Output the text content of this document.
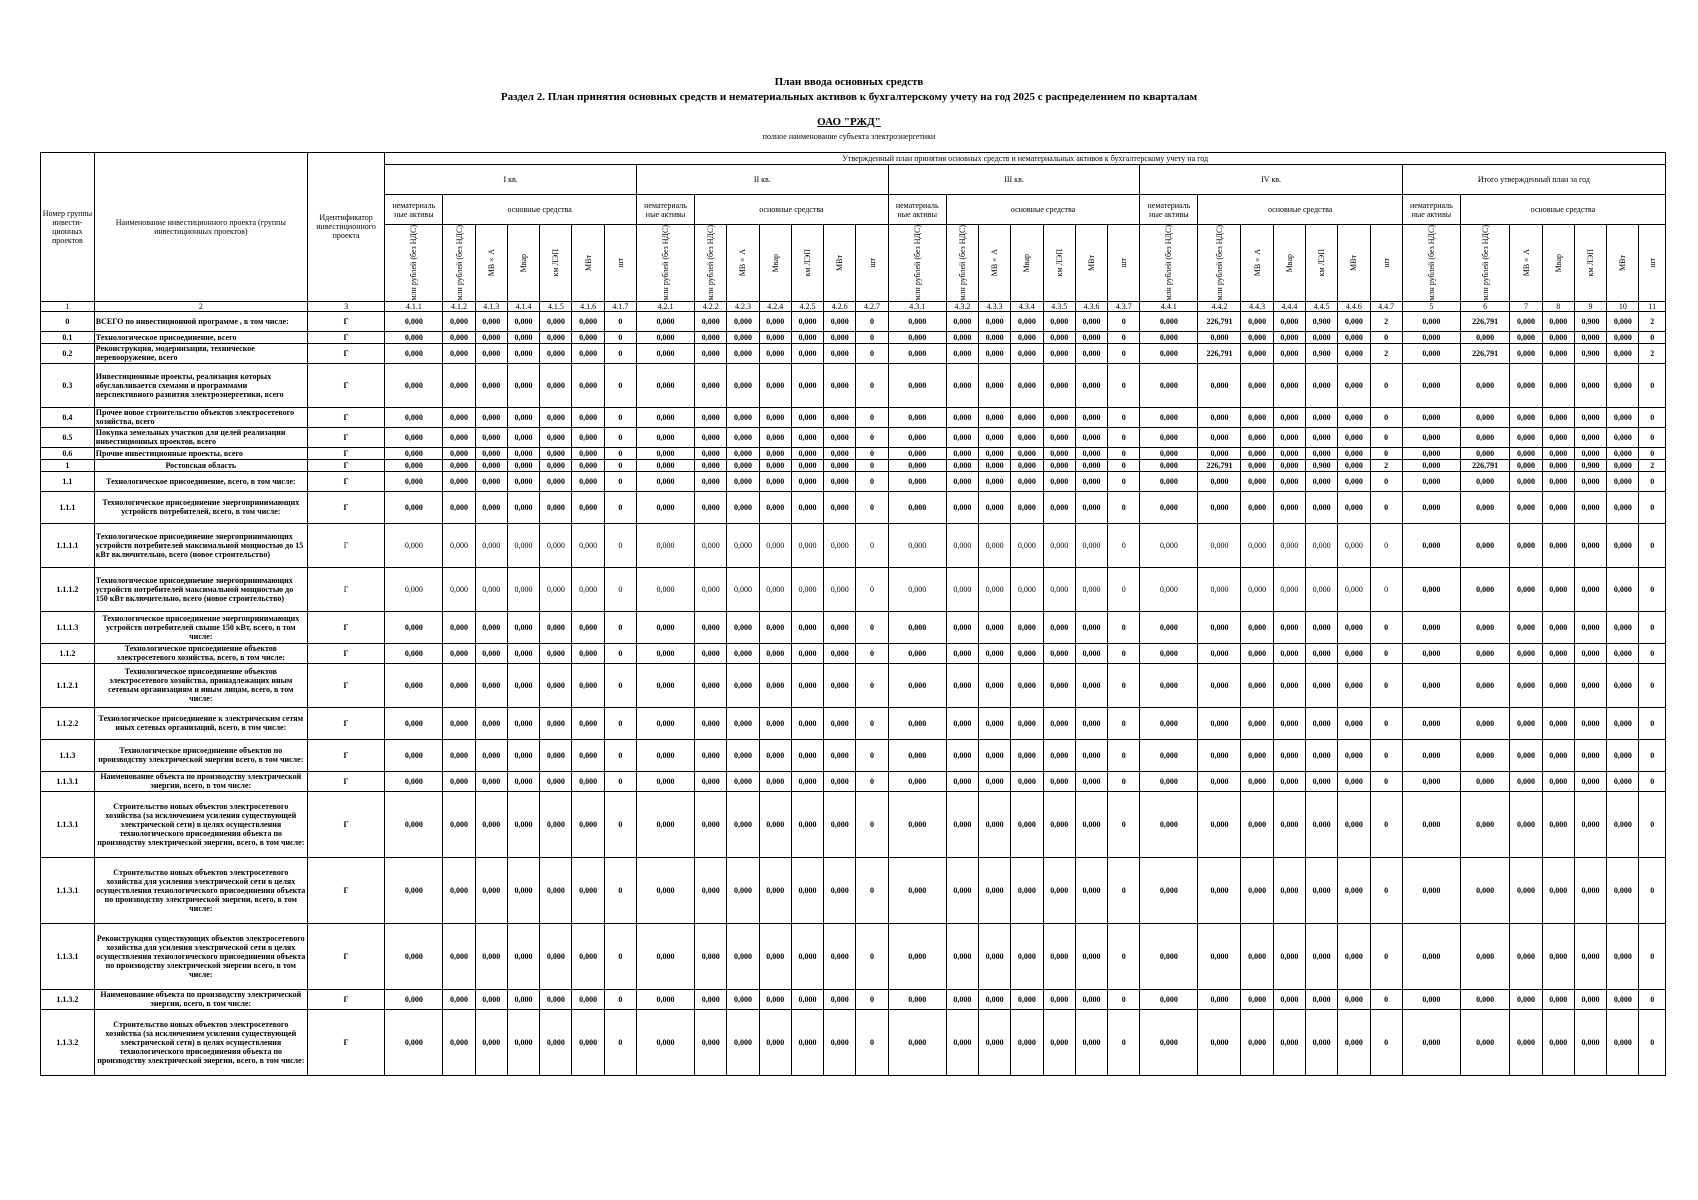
План ввода основных средств
Раздел 2. План принятия основных средств и нематериальных активов к бухгалтерскому учету на год 2025 с распределением по кварталам
ОАО "РЖД"
полное наименование субъекта электроэнергетики
Номер группы инвести-ционных проектов	Наименование инвестиционного проекта (группы инвестиционных проектов)	Идентификатор инвестиционного проекта	Утвержденный план принятия основных средств и нематериальных активов к бухгалтерскому учету на год																																		
			I кв.							II кв.							III кв.							IV кв.							Итого утвержденный план за год						
			нематериаль ные активы	основные средства						нематериаль ные активы	основные средства						нематериаль ные активы	основные средства						нематериаль ные активы	основные средства						нематериаль ные активы	основные средства					

			млн рублей (без НДС)	млн рублей (без НДС)	МВ×А	Мвар	км ЛЭП	МВт	шт	млн рублей (без НДС)	млн рублей (без НДС)	МВ×А	Мвар	км ЛЭП	МВт	шт	млн рублей (без НДС)	млн рублей (без НДС)	МВ×А	Мвар	км ЛЭП	МВт	шт	млн рублей (без НДС)	млн рублей (без НДС)	МВ×А	Мвар	км ЛЭП	МВт	шт	млн рублей (без НДС)	млн рублей (без НДС)	МВ×А	Мвар	км ЛЭП	МВт	шт

1	2	3	4.1.1	4.1.2	4.1.3	4.1.4	4.1.5	4.1.6	4.1.7	4.2.1	4.2.2	4.2.3	4.2.4	4.2.5	4.2.6	4.2.7	4.3.1	4.3.2	4.3.3	4.3.4	4.3.5	4.3.6	4.3.7	4.4.1	4.4.2	4.4.3	4.4.4	4.4.5	4.4.6	4.4.7	5	6	7	8	9	10	11
0	ВСЕГО по инвестиционной программе , в том числе:	Г	0,000	0,000	0,000	0,000	0,000	0,000	0	0,000	0,000	0,000	0,000	0,000	0,000	0	0,000	0,000	0,000	0,000	0,000	0,000	0	0,000	226,791	0,000	0,000	0,900	0,000	2	0,000	226,791	0,000	0,000	0,900	0,000	2
0.1	Технологическое присоединение, всего	Г	0,000	0,000	0,000	0,000	0,000	0,000	0	0,000	0,000	0,000	0,000	0,000	0,000	0	0,000	0,000	0,000	0,000	0,000	0,000	0	0,000	0,000	0,000	0,000	0,000	0,000	0	0,000	0,000	0,000	0,000	0,000	0,000	0
0.2	Реконструкция, модернизация, техническое перевооружение, всего	Г	0,000	0,000	0,000	0,000	0,000	0,000	0	0,000	0,000	0,000	0,000	0,000	0,000	0	0,000	0,000	0,000	0,000	0,000	0,000	0	0,000	226,791	0,000	0,000	0,900	0,000	2	0,000	226,791	0,000	0,000	0,900	0,000	2
0.3	Инвестиционные проекты, реализация которых обуславливается схемами и программами перспективного развития электроэнергетики, всего	Г	0,000	0,000	0,000	0,000	0,000	0,000	0	0,000	0,000	0,000	0,000	0,000	0,000	0	0,000	0,000	0,000	0,000	0,000	0,000	0	0,000	0,000	0,000	0,000	0,000	0,000	0	0,000	0,000	0,000	0,000	0,000	0,000	0
0.4	Прочее новое строительство объектов электросетевого хозяйства, всего	Г	0,000	0,000	0,000	0,000	0,000	0,000	0	0,000	0,000	0,000	0,000	0,000	0,000	0	0,000	0,000	0,000	0,000	0,000	0,000	0	0,000	0,000	0,000	0,000	0,000	0,000	0	0,000	0,000	0,000	0,000	0,000	0,000	0
0.5	Покупка земельных участков для целей реализации инвестиционных проектов, всего	Г	0,000	0,000	0,000	0,000	0,000	0,000	0	0,000	0,000	0,000	0,000	0,000	0,000	0	0,000	0,000	0,000	0,000	0,000	0,000	0	0,000	0,000	0,000	0,000	0,000	0,000	0	0,000	0,000	0,000	0,000	0,000	0,000	0
0.6	Прочие инвестиционные проекты, всего	Г	0,000	0,000	0,000	0,000	0,000	0,000	0	0,000	0,000	0,000	0,000	0,000	0,000	0	0,000	0,000	0,000	0,000	0,000	0,000	0	0,000	0,000	0,000	0,000	0,000	0,000	0	0,000	0,000	0,000	0,000	0,000	0,000	0
1	Ростовская область	Г	0,000	0,000	0,000	0,000	0,000	0,000	0	0,000	0,000	0,000	0,000	0,000	0,000	0	0,000	0,000	0,000	0,000	0,000	0,000	0	0,000	226,791	0,000	0,000	0,900	0,000	2	0,000	226,791	0,000	0,000	0,900	0,000	2
1.1	Технологическое присоединение, всего, в том числе:	Г	0,000	0,000	0,000	0,000	0,000	0,000	0	0,000	0,000	0,000	0,000	0,000	0,000	0	0,000	0,000	0,000	0,000	0,000	0,000	0	0,000	0,000	0,000	0,000	0,000	0,000	0	0,000	0,000	0,000	0,000	0,000	0,000	0
1.1.1	Технологическое присоединение энергопринимающих устройств потребителей, всего, в том числе:	Г	0,000	0,000	0,000	0,000	0,000	0,000	0	0,000	0,000	0,000	0,000	0,000	0,000	0	0,000	0,000	0,000	0,000	0,000	0,000	0	0,000	0,000	0,000	0,000	0,000	0,000	0	0,000	0,000	0,000	0,000	0,000	0,000	0
1.1.1.1	Технологическое присоединение энергопринимающих устройств потребителей максимальной мощностью до 15 кВт включительно, всего (новое строительство)	Г	0,000	0,000	0,000	0,000	0,000	0,000	0	0,000	0,000	0,000	0,000	0,000	0,000	0	0,000	0,000	0,000	0,000	0,000	0,000	0	0,000	0,000	0,000	0,000	0,000	0,000	0	0,000	0,000	0,000	0,000	0,000	0,000	0
1.1.1.2	Технологическое присоединение энергопринимающих устройств потребителей максимальной мощностью до 150 кВт включительно, всего (новое строительство)	Г	0,000	0,000	0,000	0,000	0,000	0,000	0	0,000	0,000	0,000	0,000	0,000	0,000	0	0,000	0,000	0,000	0,000	0,000	0,000	0	0,000	0,000	0,000	0,000	0,000	0,000	0	0,000	0,000	0,000	0,000	0,000	0,000	0
1.1.1.3	Технологическое присоединение энергопринимающих устройств потребителей свыше 150 кВт, всего, в том числе:	Г	0,000	0,000	0,000	0,000	0,000	0,000	0	0,000	0,000	0,000	0,000	0,000	0,000	0	0,000	0,000	0,000	0,000	0,000	0,000	0	0,000	0,000	0,000	0,000	0,000	0,000	0	0,000	0,000	0,000	0,000	0,000	0,000	0
1.1.2	Технологическое присоединение объектов электросетевого хозяйства, всего, в том числе:	Г	0,000	0,000	0,000	0,000	0,000	0,000	0	0,000	0,000	0,000	0,000	0,000	0,000	0	0,000	0,000	0,000	0,000	0,000	0,000	0	0,000	0,000	0,000	0,000	0,000	0,000	0	0,000	0,000	0,000	0,000	0,000	0,000	0
1.1.2.1	Технологическое присоединение объектов электросетевого хозяйства, принадлежащих иным сетевым организациям и иным лицам, всего, в том числе:	Г	0,000	0,000	0,000	0,000	0,000	0,000	0	0,000	0,000	0,000	0,000	0,000	0,000	0	0,000	0,000	0,000	0,000	0,000	0,000	0	0,000	0,000	0,000	0,000	0,000	0,000	0	0,000	0,000	0,000	0,000	0,000	0,000	0
1.1.2.2	Технологическое присоединение к электрическим сетям иных сетевых организаций, всего, в том числе:	Г	0,000	0,000	0,000	0,000	0,000	0,000	0	0,000	0,000	0,000	0,000	0,000	0,000	0	0,000	0,000	0,000	0,000	0,000	0,000	0	0,000	0,000	0,000	0,000	0,000	0,000	0	0,000	0,000	0,000	0,000	0,000	0,000	0
1.1.3	Технологическое присоединение объектов по производству электрической энергии всего, в том числе:	Г	0,000	0,000	0,000	0,000	0,000	0,000	0	0,000	0,000	0,000	0,000	0,000	0,000	0	0,000	0,000	0,000	0,000	0,000	0,000	0	0,000	0,000	0,000	0,000	0,000	0,000	0	0,000	0,000	0,000	0,000	0,000	0,000	0
1.1.3.1	Наименование объекта по производству электрической энергии, всего, в том числе:	Г	0,000	0,000	0,000	0,000	0,000	0,000	0	0,000	0,000	0,000	0,000	0,000	0,000	0	0,000	0,000	0,000	0,000	0,000	0,000	0	0,000	0,000	0,000	0,000	0,000	0,000	0	0,000	0,000	0,000	0,000	0,000	0,000	0
1.1.3.1	Строительство новых объектов электросетевого хозяйства (за исключением усиления существующей электрической сети) в целях осуществления технологического присоединения объекта по производству электрической энергии, всего, в том числе:	Г	0,000	0,000	0,000	0,000	0,000	0,000	0	0,000	0,000	0,000	0,000	0,000	0,000	0	0,000	0,000	0,000	0,000	0,000	0,000	0	0,000	0,000	0,000	0,000	0,000	0,000	0	0,000	0,000	0,000	0,000	0,000	0,000	0
1.1.3.1	Строительство новых объектов электросетевого хозяйства для усиления электрической сети в целях осуществления технологического присоединения объекта по производству электрической энергии, всего, в том числе:	Г	0,000	0,000	0,000	0,000	0,000	0,000	0	0,000	0,000	0,000	0,000	0,000	0,000	0	0,000	0,000	0,000	0,000	0,000	0,000	0	0,000	0,000	0,000	0,000	0,000	0,000	0	0,000	0,000	0,000	0,000	0,000	0,000	0
1.1.3.1	Реконструкция существующих объектов электросетевого хозяйства для усиления электрической сети в целях осуществления технологического присоединения объекта по производству электрической энергии всего, в том числе:	Г	0,000	0,000	0,000	0,000	0,000	0,000	0	0,000	0,000	0,000	0,000	0,000	0,000	0	0,000	0,000	0,000	0,000	0,000	0,000	0	0,000	0,000	0,000	0,000	0,000	0,000	0	0,000	0,000	0,000	0,000	0,000	0,000	0
1.1.3.2	Наименование объекта по производству электрической энергии, всего, в том числе:	Г	0,000	0,000	0,000	0,000	0,000	0,000	0	0,000	0,000	0,000	0,000	0,000	0,000	0	0,000	0,000	0,000	0,000	0,000	0,000	0	0,000	0,000	0,000	0,000	0,000	0,000	0	0,000	0,000	0,000	0,000	0,000	0,000	0
1.1.3.2	Строительство новых объектов электросетевого хозяйства (за исключением усиления существующей электрической сети) в целях осуществления технологического присоединения объекта по производству электрической энергии, всего, в том числе:	Г	0,000	0,000	0,000	0,000	0,000	0,000	0	0,000	0,000	0,000	0,000	0,000	0,000	0	0,000	0,000	0,000	0,000	0,000	0,000	0	0,000	0,000	0,000	0,000	0,000	0,000	0	0,000	0,000	0,000	0,000	0,000	0,000	0
